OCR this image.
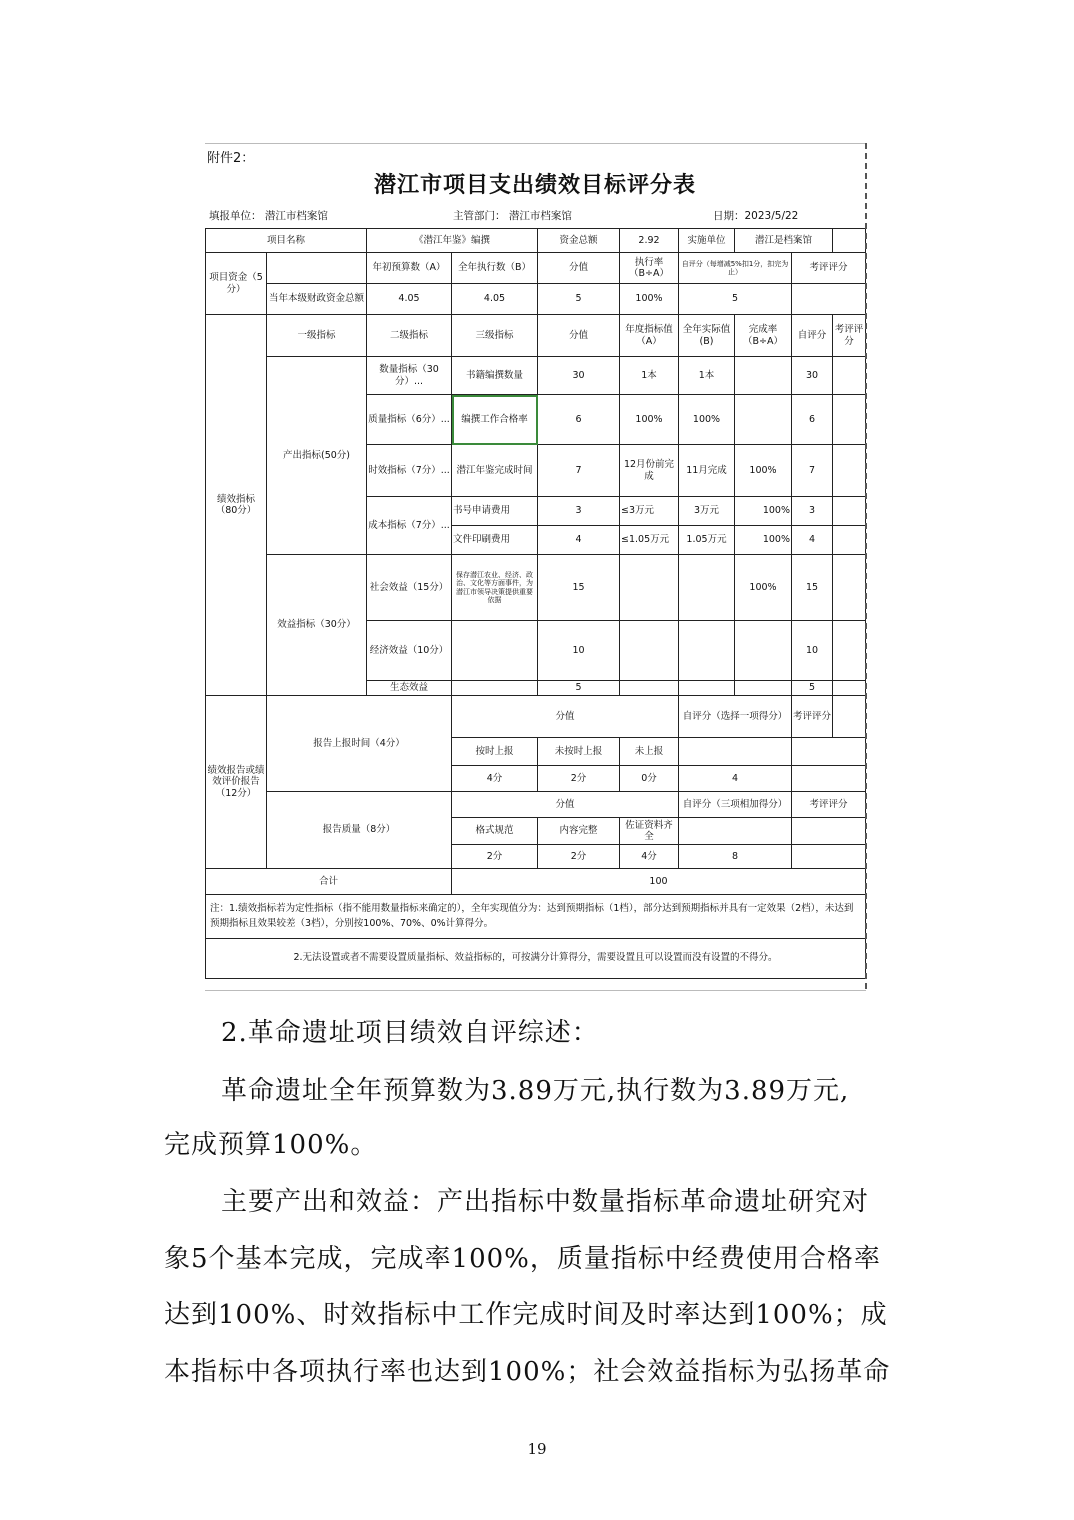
附件2：
潜江市项目支出绩效目标评分表
填报单位： 潜江市档案馆	主管部门： 潜江市档案馆	日期：2023/5/22
项目名称		《潜江年鉴》编撰		资金总额	2.92	实施单位	潜江是档案馆		
项目资金（5分）		年初预算数（A）	全年执行数（B）	分值	执行率（B÷A）	自评分（每增减5%扣1分，扣完为止）		考评评分	
	当年本级财政资金总额	4.05	4.05	5	100%	5			
绩效指标（80分）	一级指标	二级指标	三级指标	分值	年度指标值（A）	全年实际值(B)	完成率（B÷A）	自评分	考评评分
	产出指标(50分)	数量指标（30分）...	书籍编撰数量	30	1本	1本		30	
		质量指标（6分）...	编撰工作合格率	6	100%	100%		6	
		时效指标（7分）...	潜江年鉴完成时间	7	12月份前完成	11月完成	100%	7	
		成本指标（7分）...	书号申请费用	3	≤3万元	3万元	100%	3	
			文件印刷费用	4	≤1.05万元	1.05万元	100%	4	
	效益指标（30分）	社会效益（15分）	保存潜江农业、经济、政治、文化等方面事件，为潜江市领导决策提供重要依据	15			100%	15	
		经济效益（10分）		10				10	
		生态效益		5				5	
绩效报告或绩效评价报告（12分）	报告上报时间（4分）		分值			自评分（选择一项得分）		考评评分	
			按时上报	未按时上报	未上报				
			4分	2分	0分	4			
	报告质量（8分）		分值			自评分（三项相加得分）		考评评分	
			格式规范	内容完整	佐证资料齐全				
			2分	2分	4分	8			
合计			100						
注：1.绩效指标若为定性指标（指不能用数量指标来确定的），全年实现值分为：达到预期指标（1档），部分达到预期指标并具有一定效果（2档），未达到预期指标且效果较差（3档），分别按100%、70%、0%计算得分。									
2.无法设置或者不需要设置质量指标、效益指标的，可按满分计算得分，需要设置且可以设置而没有设置的不得分。									
2.革命遗址项目绩效自评综述：
革命遗址全年预算数为3.89万元,执行数为3.89万元,
完成预算100%。
主要产出和效益：产出指标中数量指标革命遗址研究对
象5个基本完成，完成率100%，质量指标中经费使用合格率
达到100%、时效指标中工作完成时间及时率达到100%；成
本指标中各项执行率也达到100%；社会效益指标为弘扬革命
19
